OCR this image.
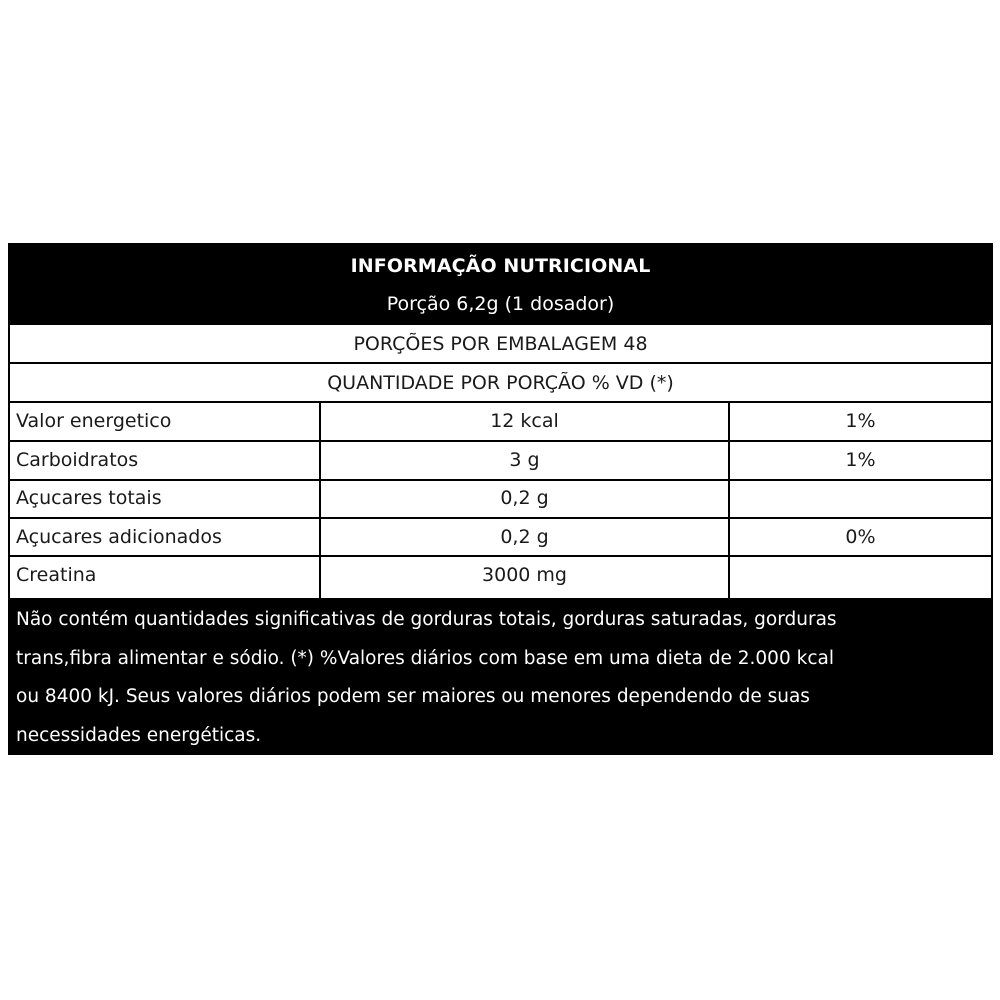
INFORMAÇÃO NUTRICIONAL
Porção 6,2g (1 dosador)
PORÇÕES POR EMBALAGEM 48
QUANTIDADE POR PORÇÃO % VD (*)
Valor energetico	12 kcal	1%
Carboidratos	3 g	1%
Açucares totais	0,2 g
Açucares adicionados	0,2 g	0%
Creatina	3000 mg
Não contém quantidades significativas de gorduras totais, gorduras saturadas, gorduras
trans,fibra alimentar e sódio. (*) %Valores diários com base em uma dieta de 2.000 kcal
ou 8400 kJ. Seus valores diários podem ser maiores ou menores dependendo de suas
necessidades energéticas.
